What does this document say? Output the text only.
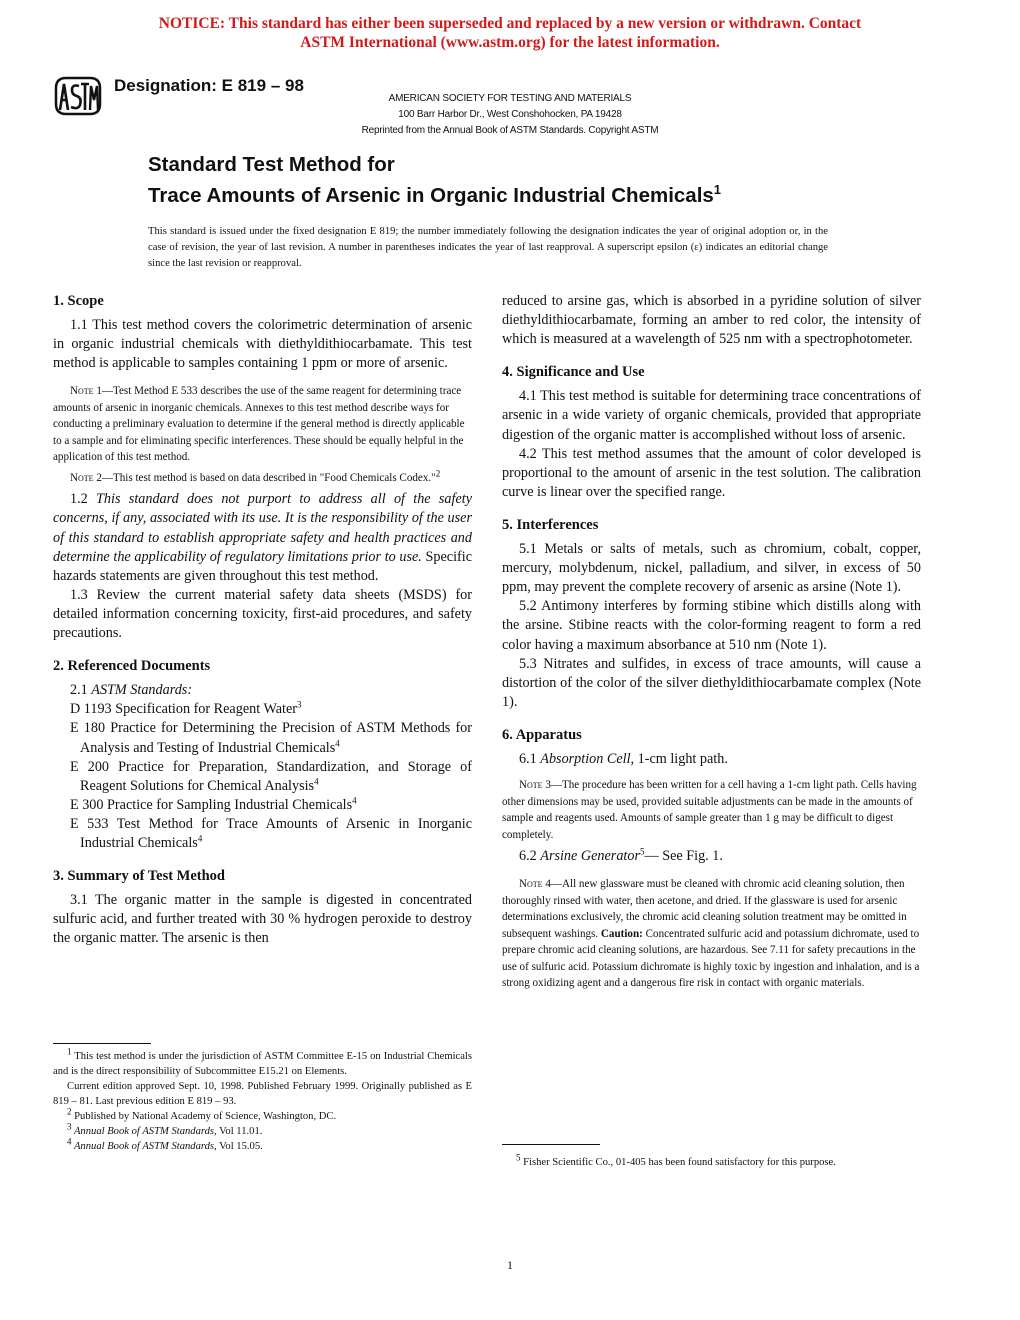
NOTICE: This standard has either been superseded and replaced by a new version or withdrawn. Contact
ASTM International (www.astm.org) for the latest information.
Designation: E 819 – 98
AMERICAN SOCIETY FOR TESTING AND MATERIALS
100 Barr Harbor Dr., West Conshohocken, PA 19428
Reprinted from the Annual Book of ASTM Standards. Copyright ASTM
Standard Test Method for
Trace Amounts of Arsenic in Organic Industrial Chemicals$^1$
This standard is issued under the fixed designation E 819; the number immediately following the designation indicates the year of original adoption or, in the case of revision, the year of last revision. A number in parentheses indicates the year of last reapproval. A superscript epsilon (ε) indicates an editorial change since the last revision or reapproval.
1. Scope

1.1 This test method covers the colorimetric determination of arsenic in organic industrial chemicals with diethyldithiocarbamate. This test method is applicable to samples containing 1 ppm or more of arsenic.

Note 1—Test Method E 533 describes the use of the same reagent for determining trace amounts of arsenic in inorganic chemicals. Annexes to this test method describe ways for conducting a preliminary evaluation to determine if the general method is directly applicable to a sample and for eliminating specific interferences. These should be equally helpful in the application of this test method.
Note 2—This test method is based on data described in "Food Chemicals Codex."$^2$

1.2 This standard does not purport to address all of the safety concerns, if any, associated with its use. It is the responsibility of the user of this standard to establish appropriate safety and health practices and determine the applicability of regulatory limitations prior to use. Specific hazards statements are given throughout this test method.

1.3 Review the current material safety data sheets (MSDS) for detailed information concerning toxicity, first-aid procedures, and safety precautions.

2. Referenced Documents

2.1 ASTM Standards:

D 1193 Specification for Reagent Water$^3$

E 180 Practice for Determining the Precision of ASTM Methods for Analysis and Testing of Industrial Chemicals$^4$

E 200 Practice for Preparation, Standardization, and Storage of Reagent Solutions for Chemical Analysis$^4$

E 300 Practice for Sampling Industrial Chemicals$^4$

E 533 Test Method for Trace Amounts of Arsenic in Inorganic Industrial Chemicals$^4$

3. Summary of Test Method

3.1 The organic matter in the sample is digested in concentrated sulfuric acid, and further treated with 30 % hydrogen peroxide to destroy the organic matter. The arsenic is then

$^1$ This test method is under the jurisdiction of ASTM Committee E-15 on Industrial Chemicals and is the direct responsibility of Subcommittee E15.21 on Elements.

Current edition approved Sept. 10, 1998. Published February 1999. Originally published as E 819 – 81. Last previous edition E 819 – 93.

$^2$ Published by National Academy of Science, Washington, DC.

$^3$ Annual Book of ASTM Standards, Vol 11.01.

$^4$ Annual Book of ASTM Standards, Vol 15.05.

reduced to arsine gas, which is absorbed in a pyridine solution of silver diethyldithiocarbamate, forming an amber to red color, the intensity of which is measured at a wavelength of 525 nm with a spectrophotometer.

4. Significance and Use

4.1 This test method is suitable for determining trace concentrations of arsenic in a wide variety of organic chemicals, provided that appropriate digestion of the organic matter is accomplished without loss of arsenic.

4.2 This test method assumes that the amount of color developed is proportional to the amount of arsenic in the test solution. The calibration curve is linear over the specified range.

5. Interferences

5.1 Metals or salts of metals, such as chromium, cobalt, copper, mercury, molybdenum, nickel, palladium, and silver, in excess of 50 ppm, may prevent the complete recovery of arsenic as arsine (Note 1).

5.2 Antimony interferes by forming stibine which distills along with the arsine. Stibine reacts with the color-forming reagent to form a red color having a maximum absorbance at 510 nm (Note 1).

5.3 Nitrates and sulfides, in excess of trace amounts, will cause a distortion of the color of the silver diethyldithiocarbamate complex (Note 1).

6. Apparatus

6.1 Absorption Cell, 1-cm light path.

Note 3—The procedure has been written for a cell having a 1-cm light path. Cells having other dimensions may be used, provided suitable adjustments can be made in the amounts of sample and reagents used. Amounts of sample greater than 1 g may be difficult to digest completely.

6.2 Arsine Generator$^5$— See Fig. 1.

Note 4—All new glassware must be cleaned with chromic acid cleaning solution, then thoroughly rinsed with water, then acetone, and dried. If the glassware is used for arsenic determinations exclusively, the chromic acid cleaning solution treatment may be omitted in subsequent washings. Caution: Concentrated sulfuric acid and potassium dichromate, used to prepare chromic acid cleaning solutions, are hazardous. See 7.11 for safety precautions in the use of sulfuric acid. Potassium dichromate is highly toxic by ingestion and inhalation, and is a strong oxidizing agent and a dangerous fire risk in contact with organic materials.

$^5$ Fisher Scientific Co., 01-405 has been found satisfactory for this purpose.

1
